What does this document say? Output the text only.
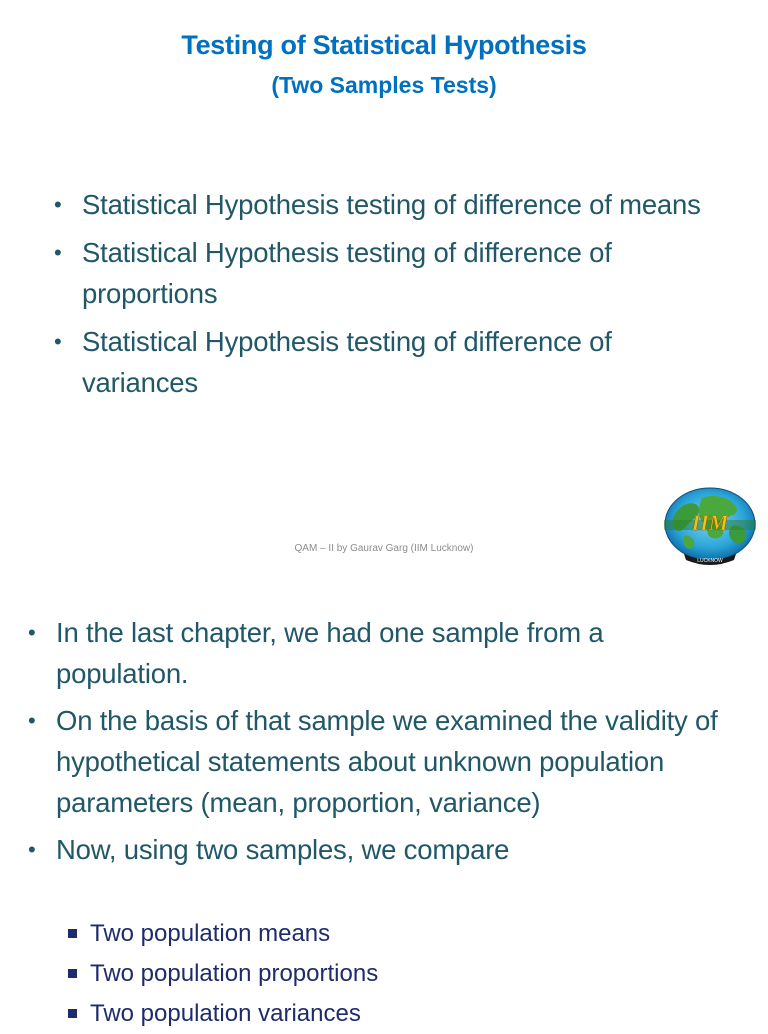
Testing of Statistical Hypothesis
(Two Samples Tests)
• Statistical Hypothesis testing of difference of means
• Statistical Hypothesis testing of difference of proportions
• Statistical Hypothesis testing of difference of variances
QAM – II by Gaurav Garg (IIM Lucknow)
IIM
LUCKNOW
• In the last chapter, we had one sample from a population.
• On the basis of that sample we examined the validity of hypothetical statements about unknown population parameters (mean, proportion, variance)
• Now, using two samples, we compare
Two population means
Two population proportions
Two population variances
